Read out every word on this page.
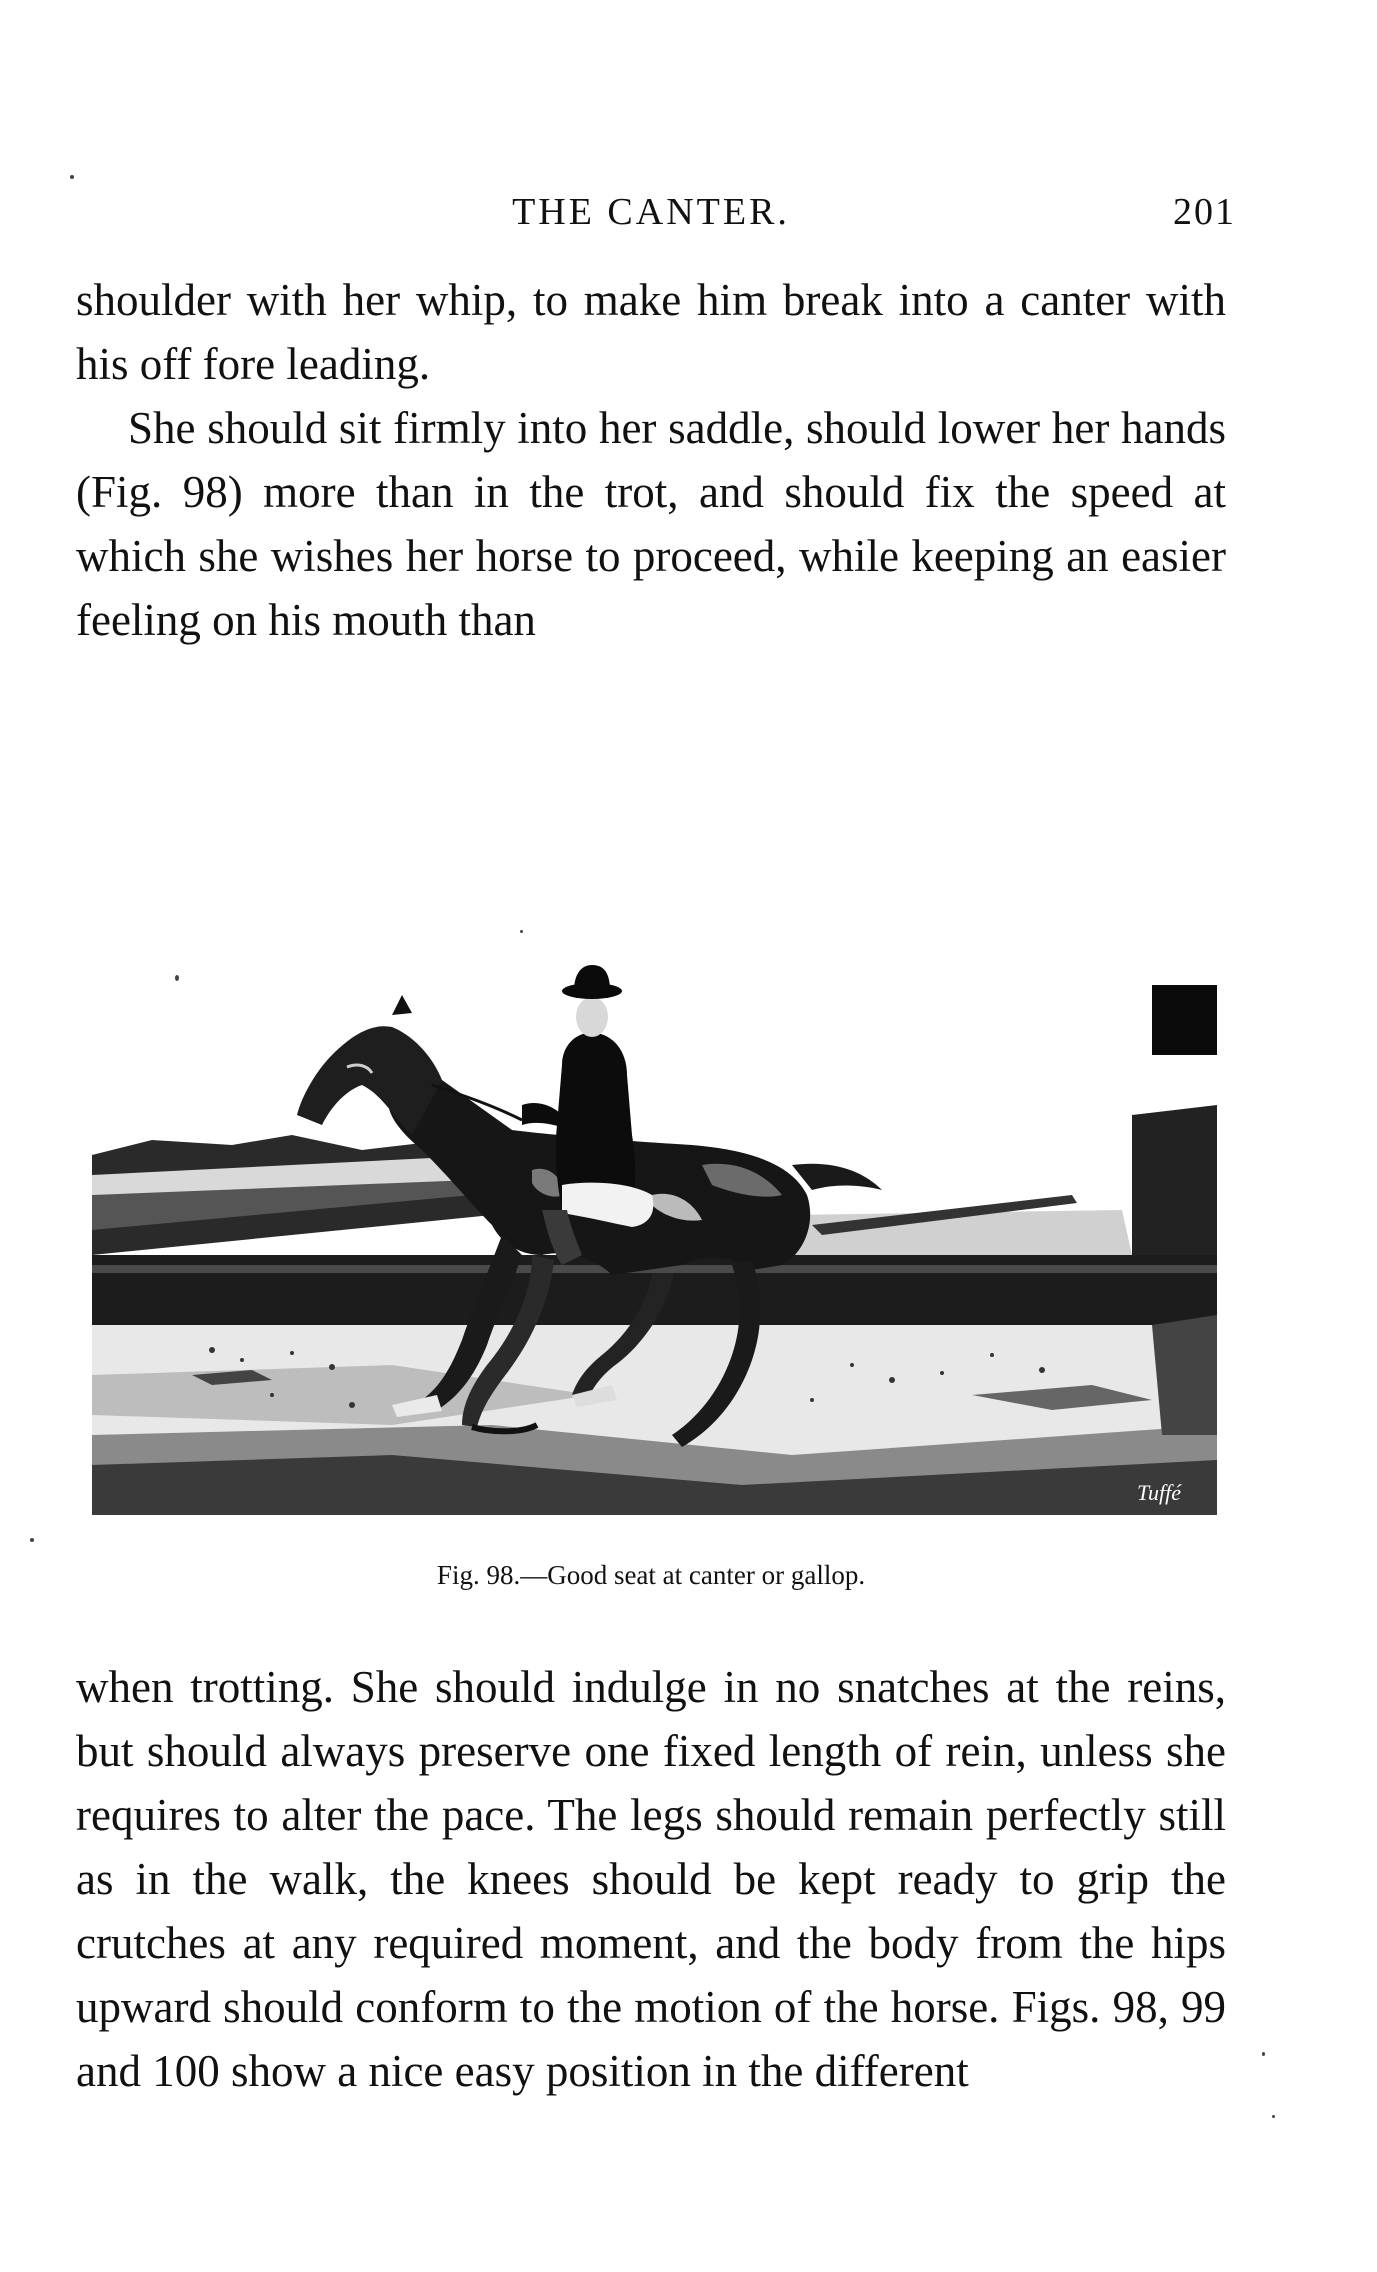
THE CANTER.	201

shoulder with her whip, to make him break into a canter with his off fore leading.

She should sit firmly into her saddle, should lower her hands (Fig. 98) more than in the trot, and should fix the speed at which she wishes her horse to proceed, while keeping an easier feeling on his mouth than

Tuffé
Fig. 98.—Good seat at canter or gallop.

when trotting. She should indulge in no snatches at the reins, but should always preserve one fixed length of rein, unless she requires to alter the pace. The legs should remain perfectly still as in the walk, the knees should be kept ready to grip the crutches at any required moment, and the body from the hips upward should conform to the motion of the horse. Figs. 98, 99 and 100 show a nice easy position in the different
